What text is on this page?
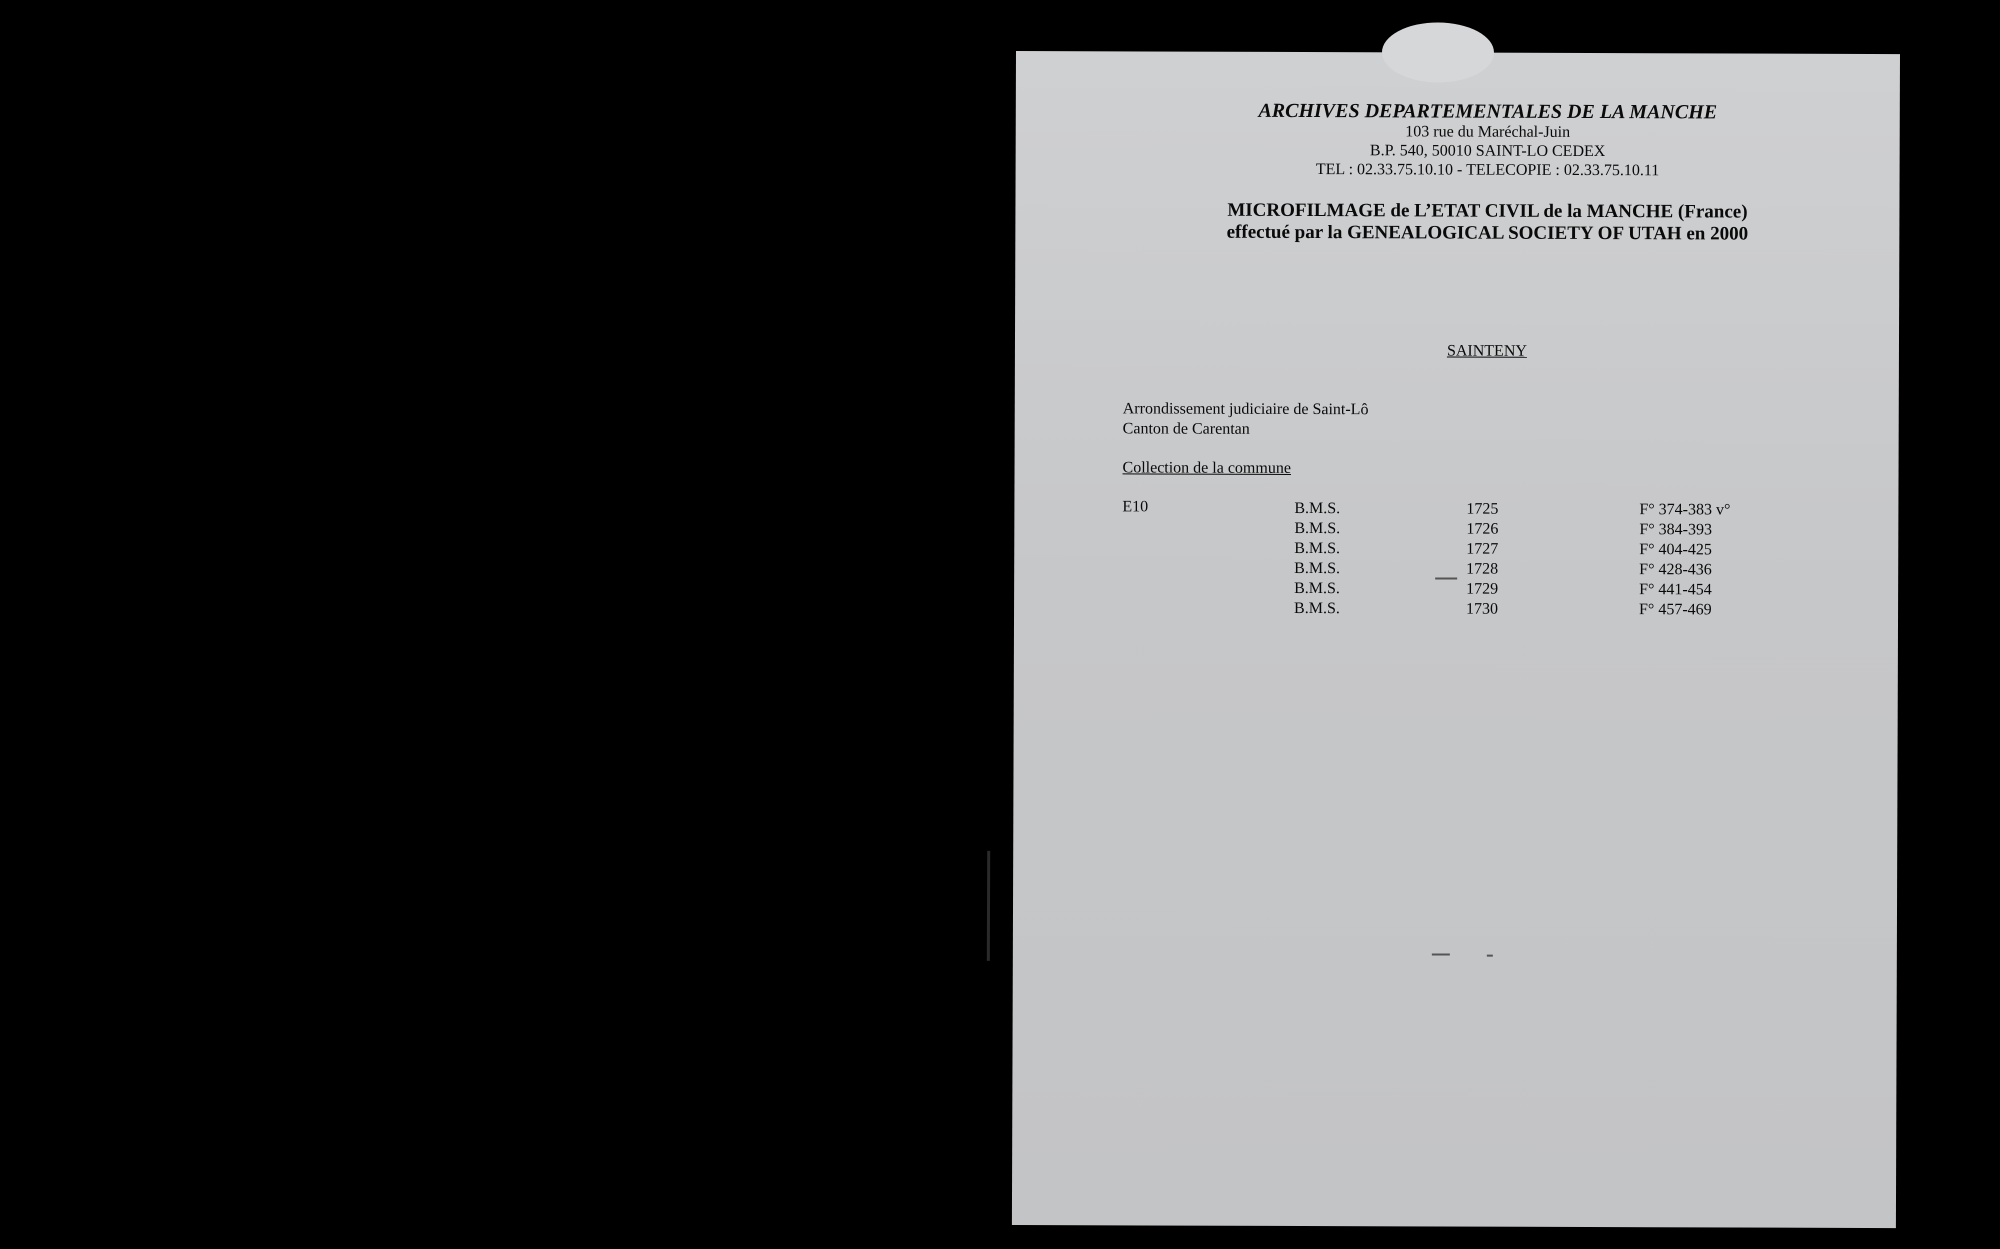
ARCHIVES DEPARTEMENTALES DE LA MANCHE
103 rue du Maréchal-Juin
B.P. 540, 50010 SAINT-LO CEDEX
TEL : 02.33.75.10.10 - TELECOPIE : 02.33.75.10.11
MICROFILMAGE de L’ETAT CIVIL de la MANCHE (France)
effectué par la GENEALOGICAL SOCIETY OF UTAH en 2000
SAINTENY
Arrondissement judiciaire de Saint-Lô
Canton de Carentan
Collection de la commune
E10	B.M.S.	1725	F° 374-383 v°
B.M.S.	1726	F° 384-393
B.M.S.	1727	F° 404-425
B.M.S.	1728	F° 428-436
B.M.S.	1729	F° 441-454
B.M.S.	1730	F° 457-469
